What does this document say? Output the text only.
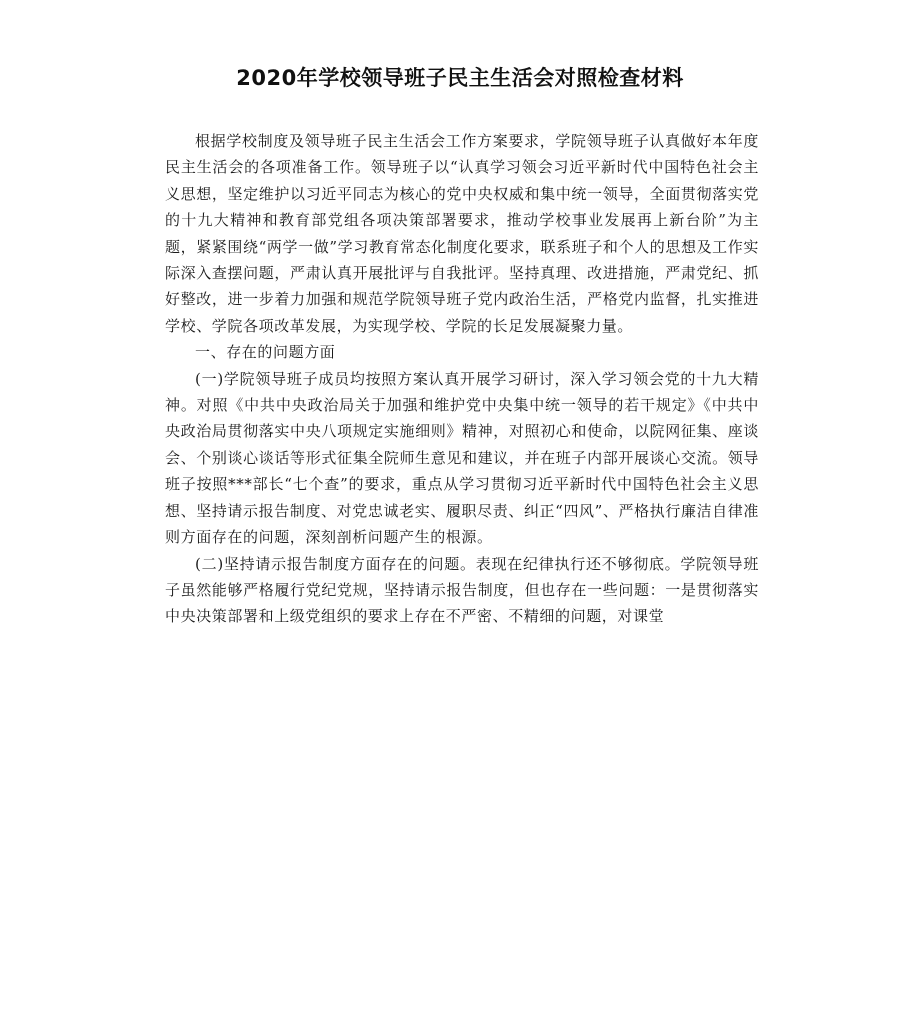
2020年学校领导班子民主生活会对照检查材料

根据学校制度及领导班子民主生活会工作方案要求，学院领导班子认真做好本年度民主生活会的各项准备工作。领导班子以“认真学习领会习近平新时代中国特色社会主义思想，坚定维护以习近平同志为核心的党中央权威和集中统一领导，全面贯彻落实党的十九大精神和教育部党组各项决策部署要求，推动学校事业发展再上新台阶”为主题，紧紧围绕“两学一做”学习教育常态化制度化要求，联系班子和个人的思想及工作实际深入查摆问题，严肃认真开展批评与自我批评。坚持真理、改进措施，严肃党纪、抓好整改，进一步着力加强和规范学院领导班子党内政治生活，严格党内监督，扎实推进学校、学院各项改革发展，为实现学校、学院的长足发展凝聚力量。

一、存在的问题方面

(一)学院领导班子成员均按照方案认真开展学习研讨，深入学习领会党的十九大精神。对照《中共中央政治局关于加强和维护党中央集中统一领导的若干规定》《中共中央政治局贯彻落实中央八项规定实施细则》精神，对照初心和使命，以院网征集、座谈会、个别谈心谈话等形式征集全院师生意见和建议，并在班子内部开展谈心交流。领导班子按照***部长“七个查”的要求，重点从学习贯彻习近平新时代中国特色社会主义思想、坚持请示报告制度、对党忠诚老实、履职尽责、纠正“四风”、严格执行廉洁自律准则方面存在的问题，深刻剖析问题产生的根源。

(二)坚持请示报告制度方面存在的问题。表现在纪律执行还不够彻底。学院领导班子虽然能够严格履行党纪党规，坚持请示报告制度，但也存在一些问题：一是贯彻落实中央决策部署和上级党组织的要求上存在不严密、不精细的问题，对课堂
